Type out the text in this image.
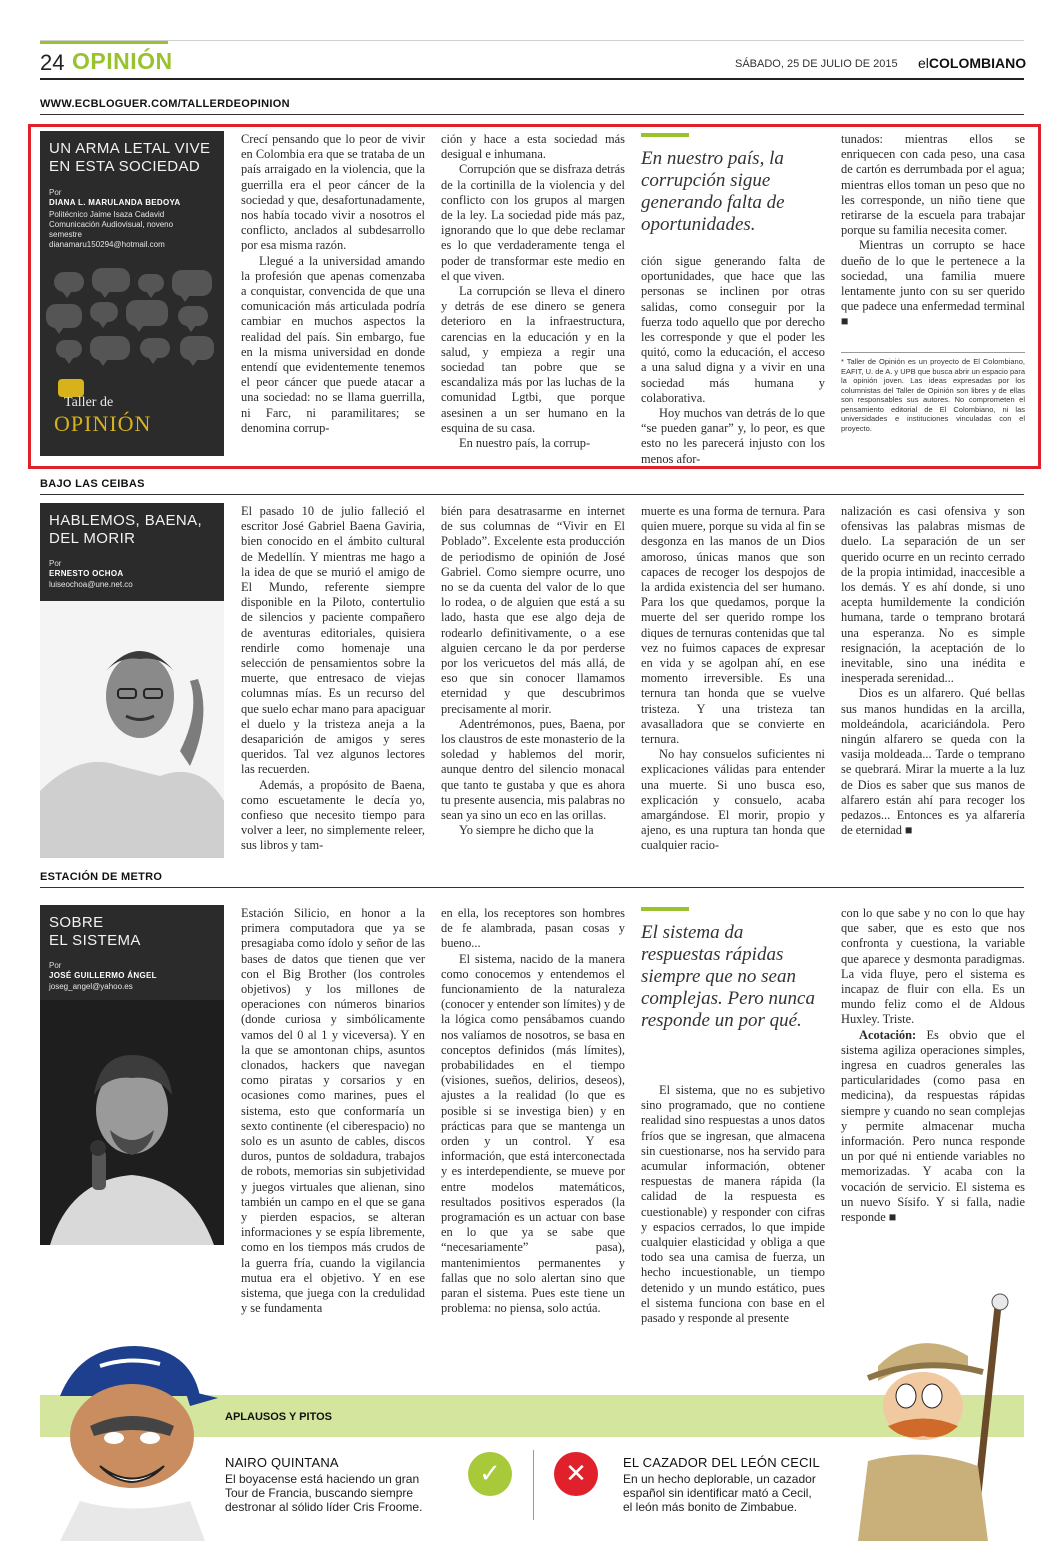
24 OPINIÓN	SÁBADO, 25 DE JULIO DE 2015 elCOLOMBIANO
WWW.ECBLOGUER.COM/TALLERDEOPINION
UN ARMA LETAL VIVE
EN ESTA SOCIEDAD
Por
DIANA L. MARULANDA BEDOYA
Politécnico Jaime Isaza Cadavid
Comunicación Audiovisual, noveno
semestre
dianamaru150294@hotmail.com
Taller de
OPINIÓN

Crecí pensando que lo peor de vivir en Colombia era que se trataba de un país arraigado en la violencia, que la guerrilla era el peor cáncer de la sociedad y que, desafortunadamente, nos había tocado vivir a nosotros el conflicto, anclados al subdesarrollo por esa misma razón.

Llegué a la universidad amando la profesión que apenas comenzaba a conquistar, convencida de que una comunicación más articulada podría cambiar en muchos aspectos la realidad del país. Sin embargo, fue en la misma universidad en donde entendí que evidentemente tenemos el peor cáncer que puede atacar a una sociedad: no se llama guerrilla, ni Farc, ni paramilitares; se denomina corrup-

ción y hace a esta sociedad más desigual e inhumana.

Corrupción que se disfraza detrás de la cortinilla de la violencia y del conflicto con los grupos al margen de la ley. La sociedad pide más paz, ignorando que lo que debe reclamar es lo que verdaderamente tenga el poder de transformar este medio en el que viven.

La corrupción se lleva el dinero y detrás de ese dinero se genera deterioro en la infraestructura, carencias en la educación y en la salud, y empieza a regir una sociedad tan pobre que se escandaliza más por las luchas de la comunidad Lgtbi, que porque asesinen a un ser humano en la esquina de su casa.

En nuestro país, la corrup-

En nuestro país, la corrupción sigue generando falta de oportunidades.

ción sigue generando falta de oportunidades, que hace que las personas se inclinen por otras salidas, como conseguir por la fuerza todo aquello que por derecho les corresponde y que el poder les quitó, como la educación, el acceso a una salud digna y a vivir en una sociedad más humana y colaborativa.

Hoy muchos van detrás de lo que “se pueden ganar” y, lo peor, es que esto no les parecerá injusto con los menos afor-

tunados: mientras ellos se enriquecen con cada peso, una casa de cartón es derrumbada por el agua; mientras ellos toman un peso que no les corresponde, un niño tiene que retirarse de la escuela para trabajar porque su familia necesita comer.

Mientras un corrupto se hace dueño de lo que le pertenece a la sociedad, una familia muere lentamente junto con su ser querido que padece una enfermedad terminal ■

* Taller de Opinión es un proyecto de El Colombiano, EAFIT, U. de A. y UPB que busca abrir un espacio para la opinión joven. Las ideas expresadas por los columnistas del Taller de Opinión son libres y de ellas son responsables sus autores. No comprometen el pensamiento editorial de El Colombiano, ni las universidades e instituciones vinculadas con el proyecto.
BAJO LAS CEIBAS
HABLEMOS, BAENA,
DEL MORIR
Por
ERNESTO OCHOA
luiseochoa@une.net.co

El pasado 10 de julio falleció el escritor José Gabriel Baena Gaviria, bien conocido en el ámbito cultural de Medellín. Y mientras me hago a la idea de que se murió el amigo de El Mundo, referente siempre disponible en la Piloto, contertulio de silencios y paciente compañero de aventuras editoriales, quisiera rendirle como homenaje una selección de pensamientos sobre la muerte, que entresaco de viejas columnas mías. Es un recurso del que suelo echar mano para apaciguar el duelo y la tristeza aneja a la desaparición de amigos y seres queridos. Tal vez algunos lectores las recuerden.

Además, a propósito de Baena, como escuetamente le decía yo, confieso que necesito tiempo para volver a leer, no simplemente releer, sus libros y tam-

bién para desatrasarme en internet de sus columnas de “Vivir en El Poblado”. Excelente esta producción de periodismo de opinión de José Gabriel. Como siempre ocurre, uno no se da cuenta del valor de lo que lo rodea, o de alguien que está a su lado, hasta que ese algo deja de rodearlo definitivamente, o a ese alguien cercano le da por perderse por los vericuetos del más allá, de eso que sin conocer llamamos eternidad y que descubrimos precisamente al morir.

Adentrémonos, pues, Baena, por los claustros de este monasterio de la soledad y hablemos del morir, aunque dentro del silencio monacal que tanto te gustaba y que es ahora tu presente ausencia, mis palabras no sean ya sino un eco en las orillas.

Yo siempre he dicho que la

muerte es una forma de ternura. Para quien muere, porque su vida al fin se desgonza en las manos de un Dios amoroso, únicas manos que son capaces de recoger los despojos de la ardida existencia del ser humano. Para los que quedamos, porque la muerte del ser querido rompe los diques de ternuras contenidas que tal vez no fuimos capaces de expresar en vida y se agolpan ahí, en ese momento irreversible. Es una ternura tan honda que se vuelve tristeza. Y una tristeza tan avasalladora que se convierte en ternura.

No hay consuelos suficientes ni explicaciones válidas para entender una muerte. Si uno busca eso, explicación y consuelo, acaba amargándose. El morir, propio y ajeno, es una ruptura tan honda que cualquier racio-

nalización es casi ofensiva y son ofensivas las palabras mismas de duelo. La separación de un ser querido ocurre en un recinto cerrado de la propia intimidad, inaccesible a los demás. Y es ahí donde, si uno acepta humildemente la condición humana, tarde o temprano brotará una esperanza. No es simple resignación, la aceptación de lo inevitable, sino una inédita e inesperada serenidad...

Dios es un alfarero. Qué bellas sus manos hundidas en la arcilla, moldeándola, acariciándola. Pero ningún alfarero se queda con la vasija moldeada... Tarde o temprano se quebrará. Mirar la muerte a la luz de Dios es saber que sus manos de alfarero están ahí para recoger los pedazos... Entonces es ya alfarería de eternidad ■

ESTACIÓN DE METRO
SOBRE
EL SISTEMA
Por
JOSÉ GUILLERMO ÁNGEL
joseg_angel@yahoo.es

Estación Silicio, en honor a la primera computadora que ya se presagiaba como ídolo y señor de las bases de datos que tienen que ver con el Big Brother (los controles objetivos) y los millones de operaciones con números binarios (donde curiosa y simbólicamente vamos del 0 al 1 y viceversa). Y en la que se amontonan chips, asuntos clonados, hackers que navegan como piratas y corsarios y en ocasiones como marines, pues el sistema, esto que conformaría un sexto continente (el ciberespacio) no solo es un asunto de cables, discos duros, puntos de soldadura, trabajos de robots, memorias sin subjetividad y juegos virtuales que alienan, sino también un campo en el que se gana y pierden espacios, se alteran informaciones y se espía libremente, como en los tiempos más crudos de la guerra fría, cuando la vigilancia mutua era el objetivo. Y en ese sistema, que juega con la credulidad y se fundamenta

en ella, los receptores son hombres de fe alambrada, pasan cosas y bueno...

El sistema, nacido de la manera como conocemos y entendemos el funcionamiento de la naturaleza (conocer y entender son límites) y de la lógica como pensábamos cuando nos valíamos de nosotros, se basa en conceptos definidos (más límites), probabilidades en el tiempo (visiones, sueños, delirios, deseos), ajustes a la realidad (lo que es posible si se investiga bien) y en prácticas para que se mantenga un orden y un control. Y esa información, que está interconectada y es interdependiente, se mueve por entre modelos matemáticos, resultados positivos esperados (la programación es un actuar con base en lo que ya se sabe que “necesariamente” pasa), mantenimientos permanentes y fallas que no solo alertan sino que paran el sistema. Pues este tiene un problema: no piensa, solo actúa.

El sistema da respuestas rápidas siempre que no sean complejas. Pero nunca responde un por qué.

El sistema, que no es subjetivo sino programado, que no contiene realidad sino respuestas a unos datos fríos que se ingresan, que almacena sin cuestionarse, nos ha servido para acumular información, obtener respuestas de manera rápida (la calidad de la respuesta es cuestionable) y responder con cifras y espacios cerrados, lo que impide cualquier elasticidad y obliga a que todo sea una camisa de fuerza, un hecho incuestionable, un tiempo detenido y un mundo estático, pues el sistema funciona con base en el pasado y responde al presente

con lo que sabe y no con lo que hay que saber, que es esto que nos confronta y cuestiona, la variable que aparece y desmonta paradigmas. La vida fluye, pero el sistema es incapaz de fluir con ella. Es un mundo feliz como el de Aldous Huxley. Triste.

Acotación: Es obvio que el sistema agiliza operaciones simples, ingresa en cuadros generales las particularidades (como pasa en medicina), da respuestas rápidas siempre y cuando no sean complejas y permite almacenar mucha información. Pero nunca responde un por qué ni entiende variables no memorizadas. Y acaba con la vocación de servicio. El sistema es un nuevo Sísifo. Y si falla, nadie responde ■

APLAUSOS Y PITOS
NAIRO QUINTANA
El boyacense está haciendo un gran
Tour de Francia, buscando siempre
destronar al sólido líder Cris Froome.
✓	✕	EL CAZADOR DEL LEÓN CECIL
En un hecho deplorable, un cazador
español sin identificar mató a Cecil,
el león más bonito de Zimbabue.
